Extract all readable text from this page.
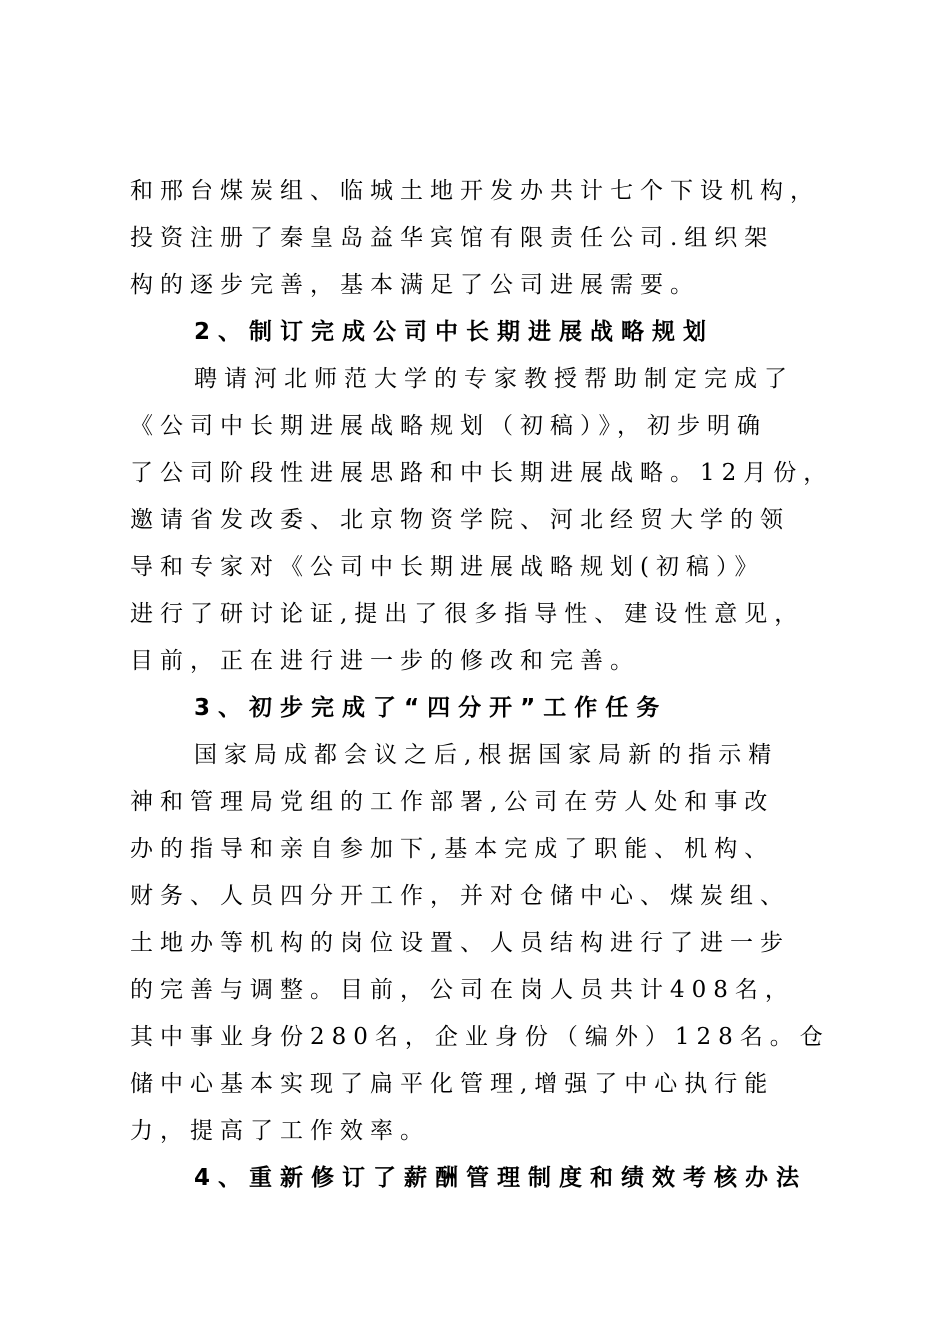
和邢台煤炭组、临城土地开发办共计七个下设机构，
投资注册了秦皇岛益华宾馆有限责任公司.组织架
构的逐步完善，基本满足了公司进展需要。
2、制订完成公司中长期进展战略规划
聘请河北师范大学的专家教授帮助制定完成了
《公司中长期进展战略规划（初稿）》，初步明确
了公司阶段性进展思路和中长期进展战略。12月份，
邀请省发改委、北京物资学院、河北经贸大学的领
导和专家对《公司中长期进展战略规划(初稿）》
进行了研讨论证,提出了很多指导性、建设性意见，
目前，正在进行进一步的修改和完善。
3、初步完成了“四分开”工作任务
国家局成都会议之后,根据国家局新的指示精
神和管理局党组的工作部署,公司在劳人处和事改
办的指导和亲自参加下,基本完成了职能、机构、
财务、人员四分开工作，并对仓储中心、煤炭组、
土地办等机构的岗位设置、人员结构进行了进一步
的完善与调整。目前，公司在岗人员共计408名，
其中事业身份280名，企业身份（编外）128名。仓
储中心基本实现了扁平化管理,增强了中心执行能
力，提高了工作效率。
4、重新修订了薪酬管理制度和绩效考核办法
